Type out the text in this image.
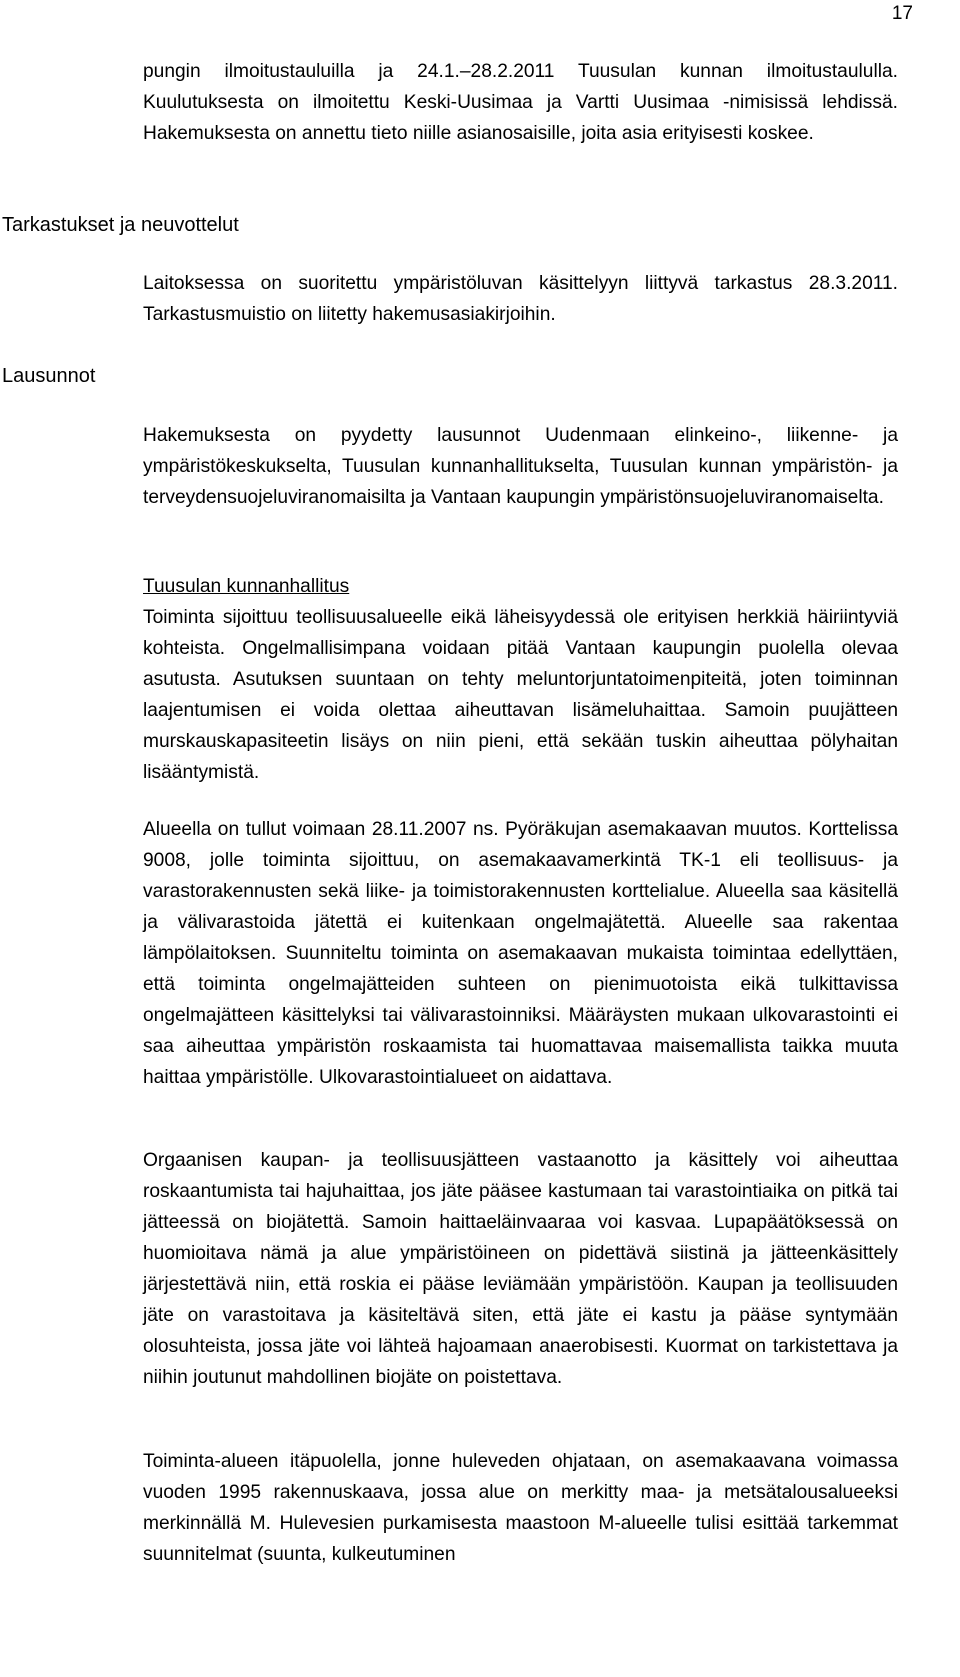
17

pungin ilmoitustauluilla ja 24.1.–28.2.2011 Tuusulan kunnan ilmoitustaululla. Kuulutuksesta on ilmoitettu Keski-Uusimaa ja Vartti Uusimaa -nimisissä lehdissä. Hakemuksesta on annettu tieto niille asianosaisille, joita asia erityisesti koskee.

Tarkastukset ja neuvottelut

Laitoksessa on suoritettu ympäristöluvan käsittelyyn liittyvä tarkastus 28.3.2011. Tarkastusmuistio on liitetty hakemusasiakirjoihin.

Lausunnot

Hakemuksesta on pyydetty lausunnot Uudenmaan elinkeino-, liikenne- ja ympäristökeskukselta, Tuusulan kunnanhallitukselta, Tuusulan kunnan ympäristön- ja terveydensuojeluviranomaisilta ja Vantaan kaupungin ympäristönsuojeluviranomaiselta.

Tuusulan kunnanhallitus
Toiminta sijoittuu teollisuusalueelle eikä läheisyydessä ole erityisen herkkiä häiriintyviä kohteista. Ongelmallisimpana voidaan pitää Vantaan kaupungin puolella olevaa asutusta. Asutuksen suuntaan on tehty meluntorjuntatoimenpiteitä, joten toiminnan laajentumisen ei voida olettaa aiheuttavan lisämeluhaittaa. Samoin puujätteen murskauskapasiteetin lisäys on niin pieni, että sekään tuskin aiheuttaa pölyhaitan lisääntymistä.

Alueella on tullut voimaan 28.11.2007 ns. Pyöräkujan asemakaavan muutos. Korttelissa 9008, jolle toiminta sijoittuu, on asemakaavamerkintä TK-1 eli teollisuus- ja varastorakennusten sekä liike- ja toimistorakennusten korttelialue. Alueella saa käsitellä ja välivarastoida jätettä ei kuitenkaan ongelmajätettä. Alueelle saa rakentaa lämpölaitoksen. Suunniteltu toiminta on asemakaavan mukaista toimintaa edellyttäen, että toiminta ongelmajätteiden suhteen on pienimuotoista eikä tulkittavissa ongelmajätteen käsittelyksi tai välivarastoinniksi. Määräysten mukaan ulkovarastointi ei saa aiheuttaa ympäristön roskaamista tai huomattavaa maisemallista taikka muuta haittaa ympäristölle. Ulkovarastointialueet on aidattava.

Orgaanisen kaupan- ja teollisuusjätteen vastaanotto ja käsittely voi aiheuttaa roskaantumista tai hajuhaittaa, jos jäte pääsee kastumaan tai varastointiaika on pitkä tai jätteessä on biojätettä. Samoin haittaeläinvaaraa voi kasvaa. Lupapäätöksessä on huomioitava nämä ja alue ympäristöineen on pidettävä siistinä ja jätteenkäsittely järjestettävä niin, että roskia ei pääse leviämään ympäristöön. Kaupan ja teollisuuden jäte on varastoitava ja käsiteltävä siten, että jäte ei kastu ja pääse syntymään olosuhteista, jossa jäte voi lähteä hajoamaan anaerobisesti. Kuormat on tarkistettava ja niihin joutunut mahdollinen biojäte on poistettava.

Toiminta-alueen itäpuolella, jonne huleveden ohjataan, on asemakaavana voimassa vuoden 1995 rakennuskaava, jossa alue on merkitty maa- ja metsätalousalueeksi merkinnällä M. Hulevesien purkamisesta maastoon M-alueelle tulisi esittää tarkemmat suunnitelmat (suunta, kulkeutuminen
